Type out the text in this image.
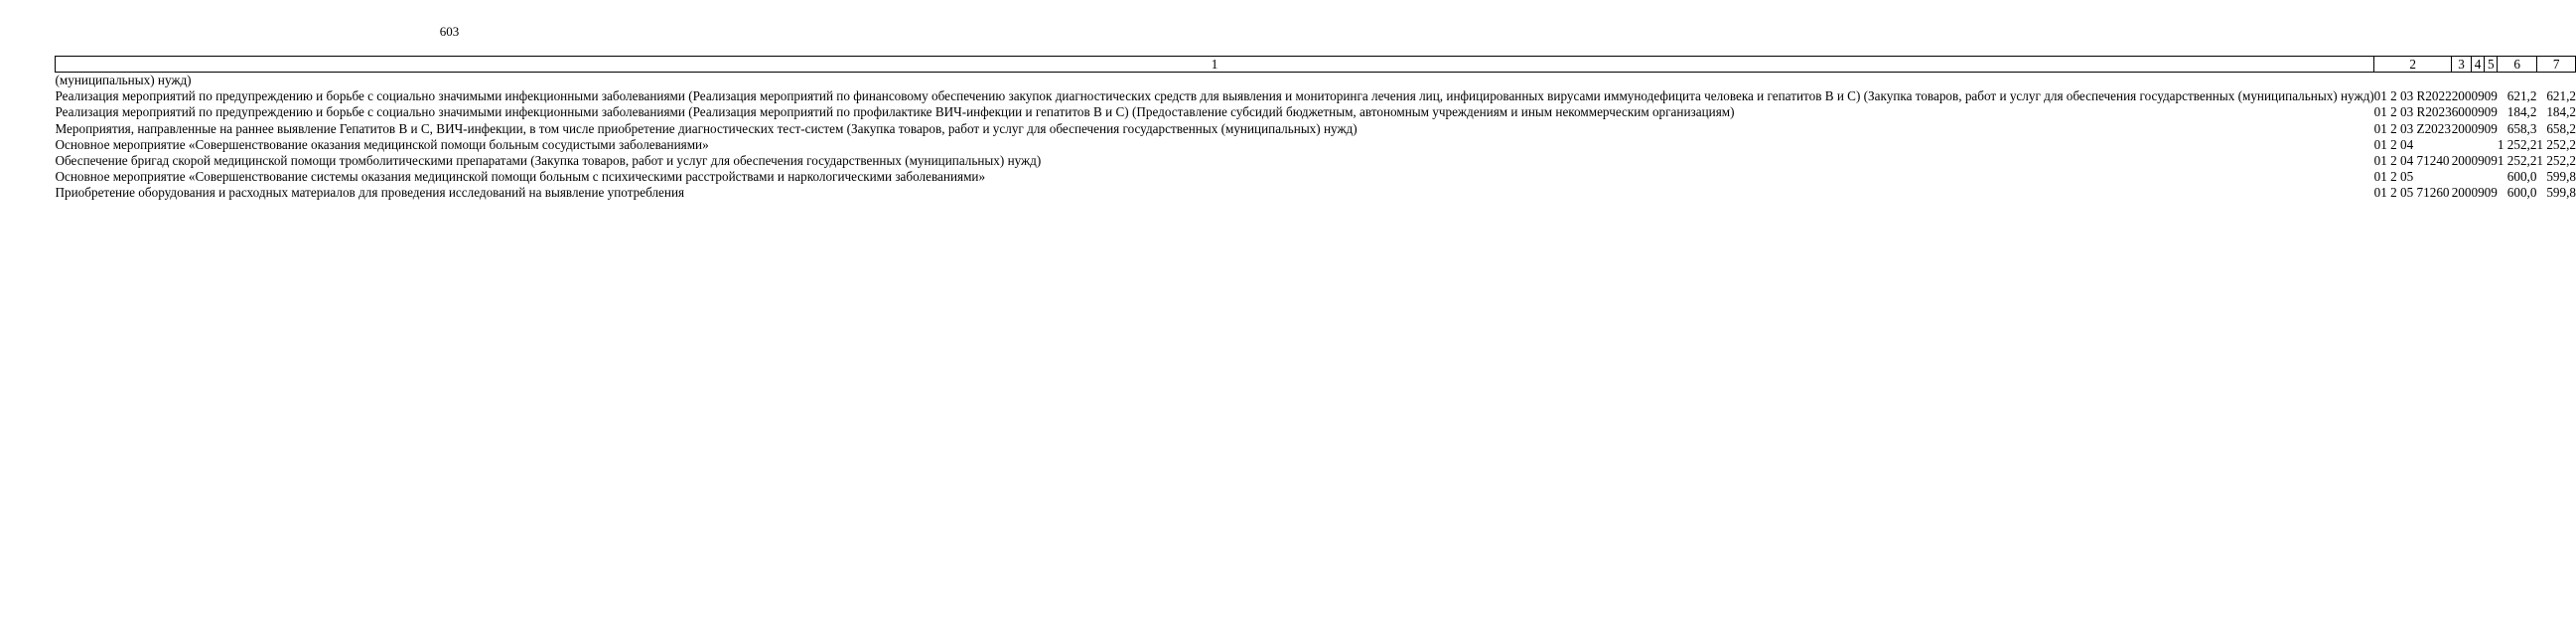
603
1	2	3	4	5	6	7
(муниципальных) нужд)						
Реализация мероприятий по предупреждению и борьбе с социально значимыми инфекционными заболеваниями (Реализация мероприятий по финансовому обеспечению закупок диагностических средств для выявления и мониторинга лечения лиц, инфицированных вирусами иммунодефицита человека и гепатитов В и С) (Закупка товаров, работ и услуг для обеспечения государственных (муниципальных) нужд)	01 2 03 R2022	200	09	09	621,2	621,2
Реализация мероприятий по предупреждению и борьбе с социально значимыми инфекционными заболеваниями (Реализация мероприятий по профилактике ВИЧ-инфекции и гепатитов В и С) (Предоставление субсидий бюджетным, автономным учреждениям и иным некоммерческим организациям)	01 2 03 R2023	600	09	09	184,2	184,2
Мероприятия, направленные на раннее выявление Гепатитов В и С, ВИЧ-инфекции, в том числе приобретение диагностических тест-систем (Закупка товаров, работ и услуг для обеспечения государственных (муниципальных) нужд)	01 2 03 Z2023	200	09	09	658,3	658,2
Основное мероприятие «Совершенствование оказания медицинской помощи больным сосудистыми заболеваниями»	01 2 04				1 252,2	1 252,2
Обеспечение бригад скорой медицинской помощи тромболитическими препаратами (Закупка товаров, работ и услуг для обеспечения государственных (муниципальных) нужд)	01 2 04 71240	200	09	09	1 252,2	1 252,2
Основное мероприятие «Совершенствование системы оказания медицинской помощи больным с психическими расстройствами и наркологическими заболеваниями»	01 2 05				600,0	599,8
Приобретение оборудования и расходных материалов для проведения исследований на выявление употребления	01 2 05 71260	200	09	09	600,0	599,8
